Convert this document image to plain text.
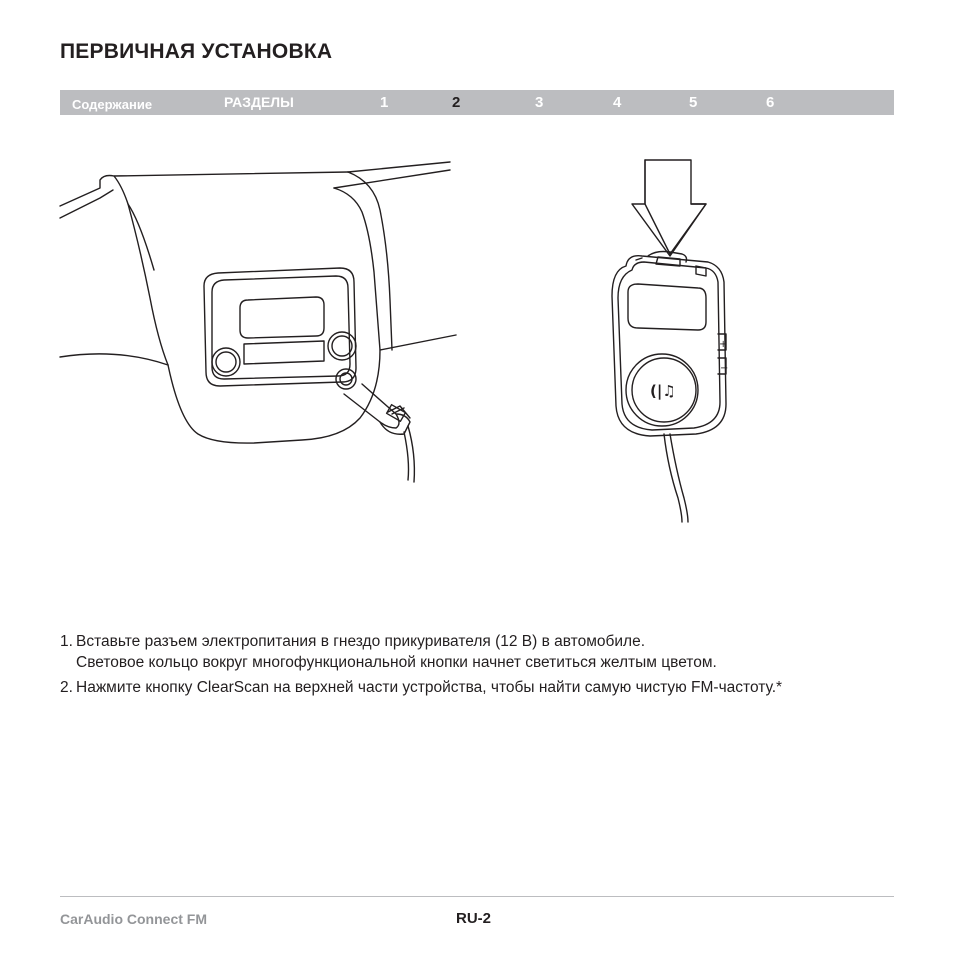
ПЕРВИЧНАЯ УСТАНОВКА
Содержание	РАЗДЕЛЫ	1	2	3	4	5	6
+
−
(|♫
1. Вставьте разъем электропитания в гнездо прикуривателя (12 В) в автомобиле.
Световое кольцо вокруг многофункциональной кнопки начнет светиться желтым цветом.
2. Нажмите кнопку ClearScan на верхней части устройства, чтобы найти самую чистую FM-частоту.*
CarAudio Connect FM	RU-2
